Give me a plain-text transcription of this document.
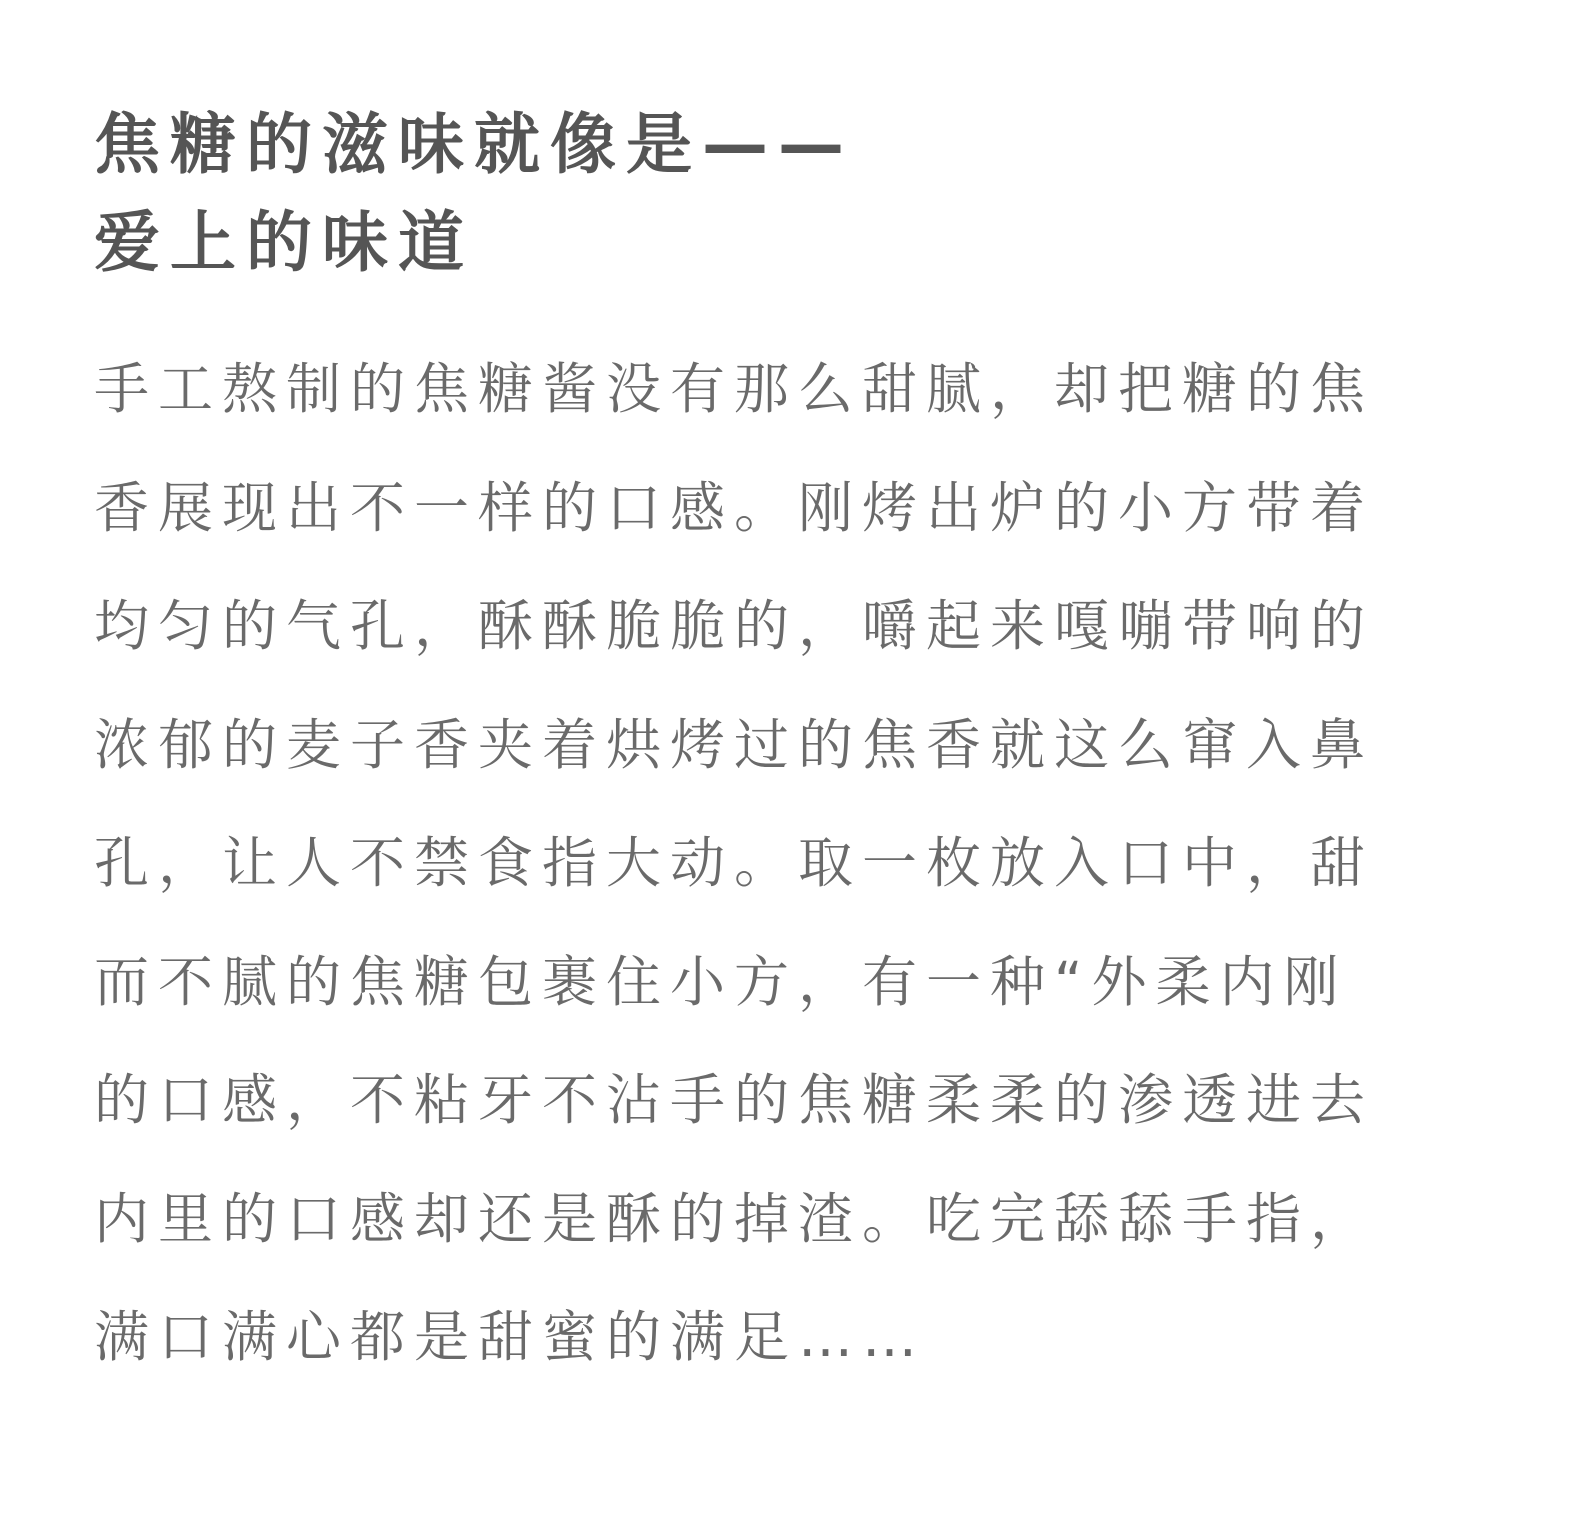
焦糖的滋味就像是——
爱上的味道
手工熬制的焦糖酱没有那么甜腻，却把糖的焦
香展现出不一样的口感。刚烤出炉的小方带着
均匀的气孔，酥酥脆脆的，嚼起来嘎嘣带响的
浓郁的麦子香夹着烘烤过的焦香就这么窜入鼻
孔，让人不禁食指大动。取一枚放入口中，甜
而不腻的焦糖包裹住小方，有一种“外柔内刚
的口感，不粘牙不沾手的焦糖柔柔的渗透进去
内里的口感却还是酥的掉渣。吃完舔舔手指，
满口满心都是甜蜜的满足……
